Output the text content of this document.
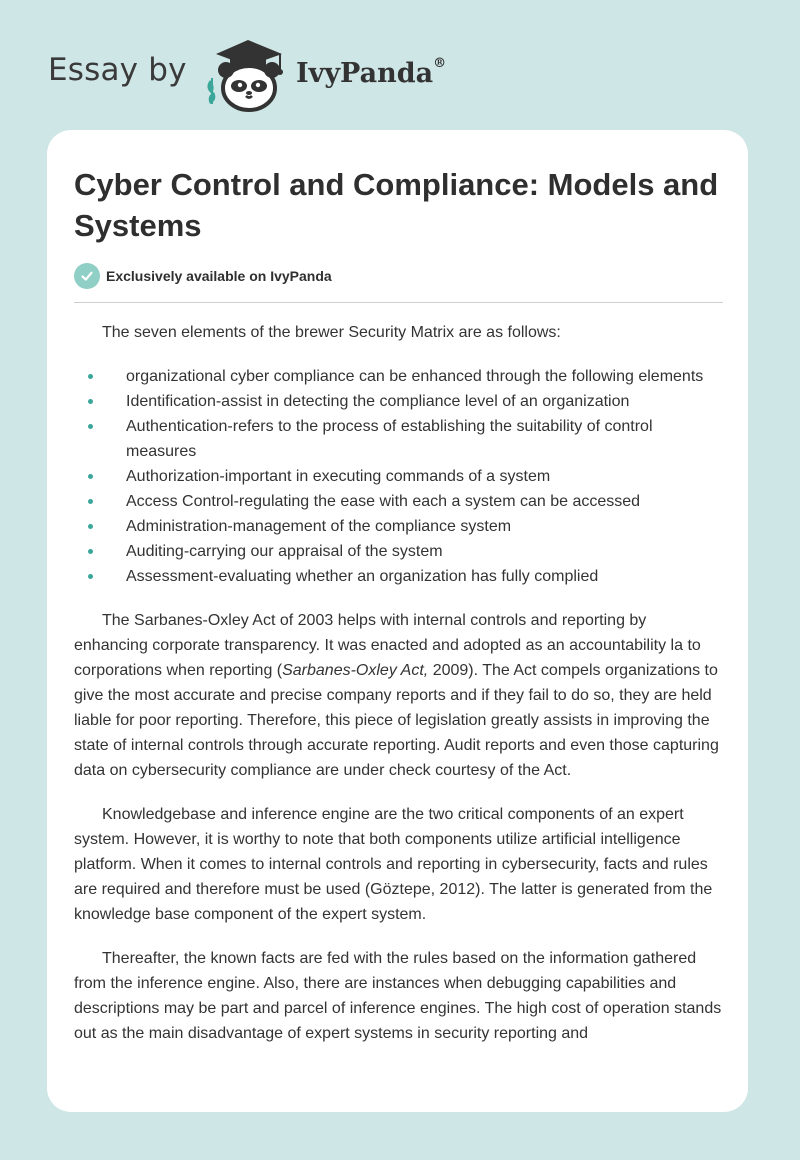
Essay by	IvyPanda®
Cyber Control and Compliance: Models and Systems
Exclusively available on IvyPanda

The seven elements of the brewer Security Matrix are as follows:

organizational cyber compliance can be enhanced through the following elements
Identification-assist in detecting the compliance level of an organization
Authentication-refers to the process of establishing the suitability of control measures
Authorization-important in executing commands of a system
Access Control-regulating the ease with each a system can be accessed
Administration-management of the compliance system
Auditing-carrying our appraisal of the system
Assessment-evaluating whether an organization has fully complied

The Sarbanes-Oxley Act of 2003 helps with internal controls and reporting by enhancing corporate transparency. It was enacted and adopted as an accountability la to corporations when reporting (Sarbanes-Oxley Act, 2009). The Act compels organizations to give the most accurate and precise company reports and if they fail to do so, they are held liable for poor reporting. Therefore, this piece of legislation greatly assists in improving the state of internal controls through accurate reporting. Audit reports and even those capturing data on cybersecurity compliance are under check courtesy of the Act.

Knowledgebase and inference engine are the two critical components of an expert system. However, it is worthy to note that both components utilize artificial intelligence platform. When it comes to internal controls and reporting in cybersecurity, facts and rules are required and therefore must be used (Göztepe, 2012). The latter is generated from the knowledge base component of the expert system.

Thereafter, the known facts are fed with the rules based on the information gathered from the inference engine. Also, there are instances when debugging capabilities and descriptions may be part and parcel of inference engines. The high cost of operation stands out as the main disadvantage of expert systems in security reporting and
